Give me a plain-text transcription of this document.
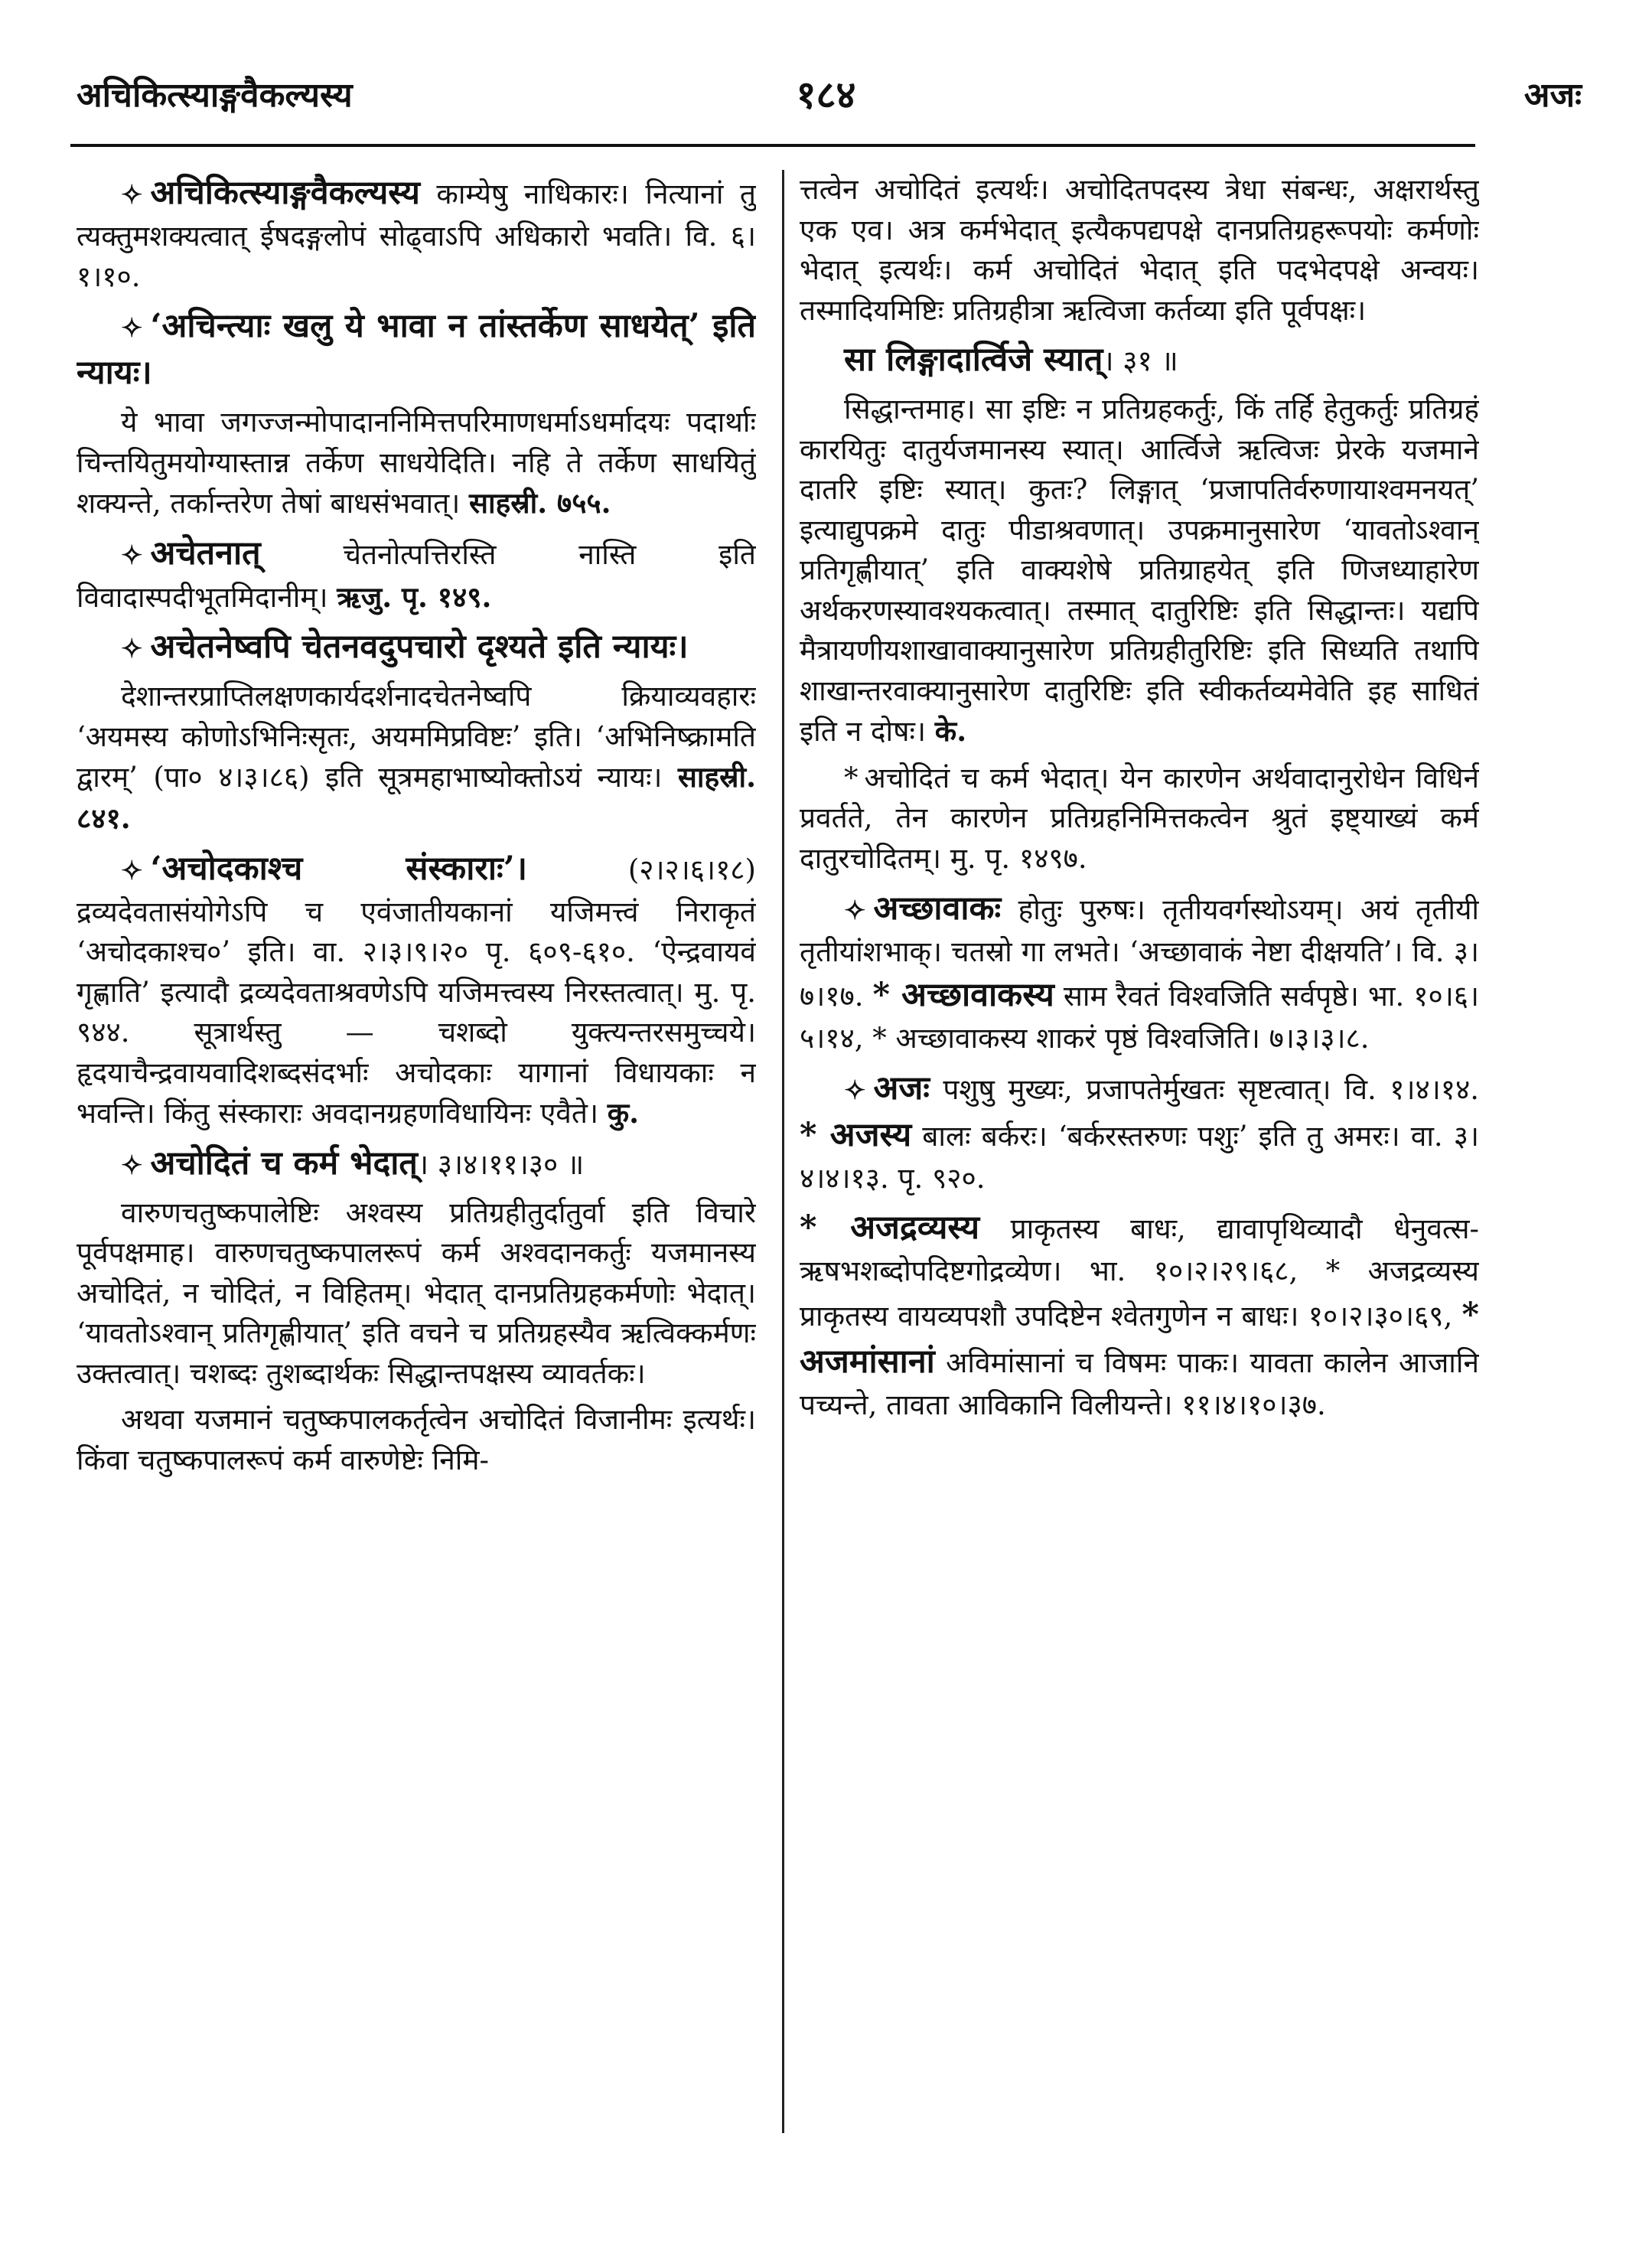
अचिकित्स्याङ्गवैकल्यस्य	१८४	अजः
✧ अचिकित्स्याङ्गवैकल्यस्य काम्येषु नाधिकारः। नित्यानां तु त्यक्तुमशक्यत्वात् ईषदङ्गलोपं सोढ्वाऽपि अधिकारो भवति। वि. ६।१।१०.
✧ ‘अचिन्त्याः खलु ये भावा न तांस्तर्केण साधयेत्’ इति न्यायः।
ये भावा जगज्जन्मोपादाननिमित्तपरिमाणधर्माऽधर्मादयः पदार्थाः चिन्तयितुमयोग्यास्तान्न तर्केण साधयेदिति। नहि ते तर्केण साधयितुं शक्यन्ते, तर्कान्तरेण तेषां बाधसंभवात्। साहस्री. ७५५.
✧ अचेतनात् चेतनोत्पत्तिरस्ति नास्ति इति विवादास्पदीभूतमिदानीम्। ऋजु. पृ. १४९.
✧ अचेतनेष्वपि चेतनवदुपचारो दृश्यते इति न्यायः।
देशान्तरप्राप्तिलक्षणकार्यदर्शनादचेतनेष्वपि क्रियाव्यवहारः ‘अयमस्य कोणोऽभिनिःसृतः, अयममिप्रविष्टः’ इति। ‘अभिनिष्क्रामति द्वारम्’ (पा० ४।३।८६) इति सूत्रमहाभाष्योक्तोऽयं न्यायः। साहस्री. ८४१.
✧ ‘अचोदकाश्च संस्काराः’। (२।२।६।१८) द्रव्यदेवतासंयोगेऽपि च एवंजातीयकानां यजिमत्त्वं निराकृतं ‘अचोदकाश्च०’ इति। वा. २।३।९।२० पृ. ६०९-६१०. ‘ऐन्द्रवायवं गृह्णाति’ इत्यादौ द्रव्यदेवताश्रवणेऽपि यजिमत्त्वस्य निरस्तत्वात्। मु. पृ. ९४४. सूत्रार्थस्तु — चशब्दो युक्त्यन्तरसमुच्चये। हृदयाचैन्द्रवायवादिशब्दसंदर्भाः अचोदकाः यागानां विधायकाः न भवन्ति। किंतु संस्काराः अवदानग्रहणविधायिनः एवैते। कु.
✧ अचोदितं च कर्म भेदात्। ३।४।११।३० ॥
वारुणचतुष्कपालेष्टिः अश्वस्य प्रतिग्रहीतुर्दातुर्वा इति विचारे पूर्वपक्षमाह। वारुणचतुष्कपालरूपं कर्म अश्वदानकर्तुः यजमानस्य अचोदितं, न चोदितं, न विहितम्। भेदात् दानप्रतिग्रहकर्मणोः भेदात्। ‘यावतोऽश्वान् प्रतिगृह्णीयात्’ इति वचने च प्रतिग्रहस्यैव ऋत्विक्कर्मणः उक्तत्वात्। चशब्दः तुशब्दार्थकः सिद्धान्तपक्षस्य व्यावर्तकः।
अथवा यजमानं चतुष्कपालकर्तृत्वेन अचोदितं विजानीमः इत्यर्थः। किंवा चतुष्कपालरूपं कर्म वारुणेष्टेः निमि-
त्तत्वेन अचोदितं इत्यर्थः। अचोदितपदस्य त्रेधा संबन्धः, अक्षरार्थस्तु एक एव। अत्र कर्मभेदात् इत्यैकपद्यपक्षे दानप्रतिग्रहरूपयोः कर्मणोः भेदात् इत्यर्थः। कर्म अचोदितं भेदात् इति पदभेदपक्षे अन्वयः। तस्मादियमिष्टिः प्रतिग्रहीत्रा ऋत्विजा कर्तव्या इति पूर्वपक्षः।
सा लिङ्गादार्त्विजे स्यात्। ३१ ॥
सिद्धान्तमाह। सा इष्टिः न प्रतिग्रहकर्तुः, किं तर्हि हेतुकर्तुः प्रतिग्रहं कारयितुः दातुर्यजमानस्य स्यात्। आर्त्विजे ऋत्विजः प्रेरके यजमाने दातरि इष्टिः स्यात्। कुतः? लिङ्गात् ‘प्रजापतिर्वरुणायाश्वमनयत्’ इत्याद्युपक्रमे दातुः पीडाश्रवणात्। उपक्रमानुसारेण ‘यावतोऽश्वान् प्रतिगृह्णीयात्’ इति वाक्यशेषे प्रतिग्राहयेत् इति णिजध्याहारेण अर्थकरणस्यावश्यकत्वात्। तस्मात् दातुरिष्टिः इति सिद्धान्तः। यद्यपि मैत्रायणीयशाखावाक्यानुसारेण प्रतिग्रहीतुरिष्टिः इति सिध्यति तथापि शाखान्तरवाक्यानुसारेण दातुरिष्टिः इति स्वीकर्तव्यमेवेति इह साधितं इति न दोषः। के.
* अचोदितं च कर्म भेदात्। येन कारणेन अर्थवादानुरोधेन विधिर्न प्रवर्तते, तेन कारणेन प्रतिग्रहनिमित्तकत्वेन श्रुतं इष्ट्याख्यं कर्म दातुरचोदितम्। मु. पृ. १४९७.
✧ अच्छावाकः होतुः पुरुषः। तृतीयवर्गस्थोऽयम्। अयं तृतीयी तृतीयांशभाक्। चतस्रो गा लभते। ‘अच्छावाकं नेष्टा दीक्षयति’। वि. ३।७।१७. * अच्छावाकस्य साम रैवतं विश्वजिति सर्वपृष्ठे। भा. १०।६।५।१४, * अच्छावाकस्य शाकरं पृष्ठं विश्वजिति। ७।३।३।८.
✧ अजः पशुषु मुख्यः, प्रजापतेर्मुखतः सृष्टत्वात्। वि. १।४।१४. * अजस्य बालः बर्करः। ‘बर्करस्तरुणः पशुः’ इति तु अमरः। वा. ३।४।४।१३. पृ. ९२०.
* अजद्रव्यस्य प्राकृतस्य बाधः, द्यावापृथिव्यादौ धेनुवत्स-ऋषभशब्दोपदिष्टगोद्रव्येण। भा. १०।२।२९।६८, * अजद्रव्यस्य प्राकृतस्य वायव्यपशौ उपदिष्टेन श्वेतगुणेन न बाधः। १०।२।३०।६९, * अजमांसानां अविमांसानां च विषमः पाकः। यावता कालेन आजानि पच्यन्ते, तावता आविकानि विलीयन्ते। ११।४।१०।३७.
